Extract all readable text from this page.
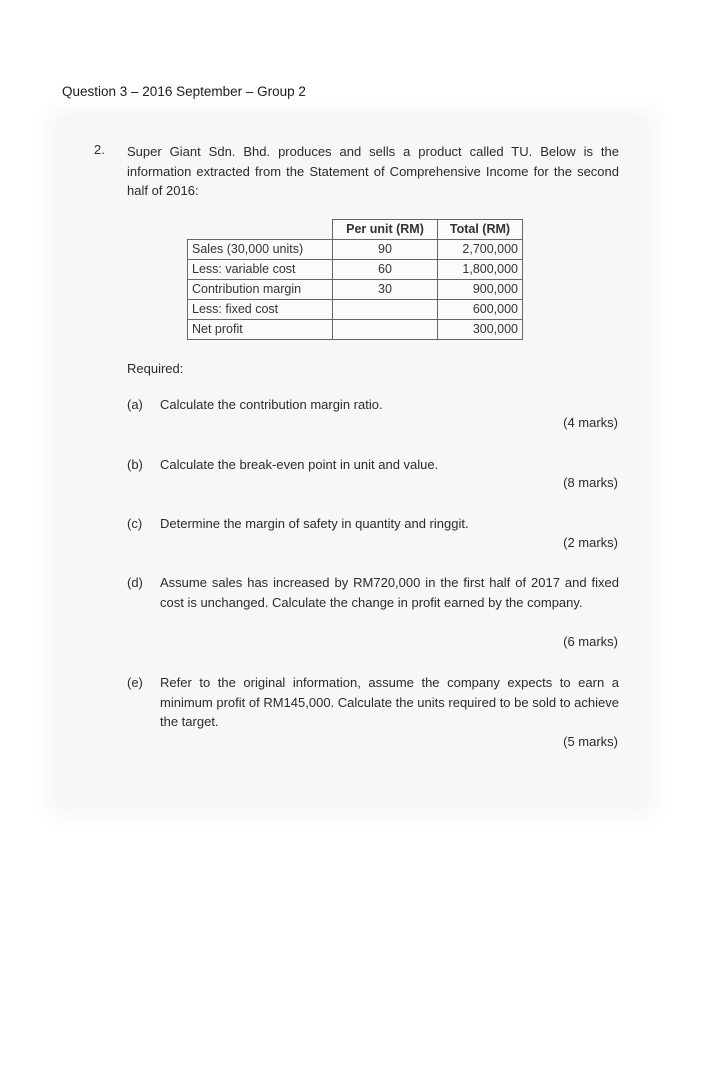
Question 3 – 2016 September – Group 2
2. Super Giant Sdn. Bhd. produces and sells a product called TU. Below is the information extracted from the Statement of Comprehensive Income for the second half of 2016:
	Per unit (RM)	Total (RM)
Sales (30,000 units)	90	2,700,000
Less: variable cost	60	1,800,000
Contribution margin	30	900,000
Less: fixed cost		600,000
Net profit		300,000
Required:
(a) Calculate the contribution margin ratio.
(4 marks)
(b) Calculate the break-even point in unit and value.
(8 marks)
(c) Determine the margin of safety in quantity and ringgit.
(2 marks)
(d) Assume sales has increased by RM720,000 in the first half of 2017 and fixed cost is unchanged. Calculate the change in profit earned by the company.
(6 marks)
(e) Refer to the original information, assume the company expects to earn a minimum profit of RM145,000. Calculate the units required to be sold to achieve the target.
(5 marks)
